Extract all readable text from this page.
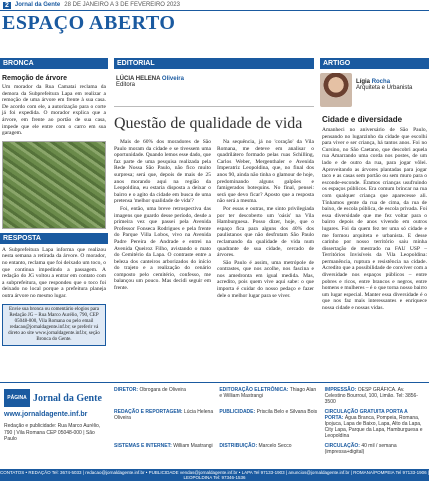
2	Jornal da Gente 28 DE JANEIRO A 3 DE FEVEREIRO 2023
ESPAÇO ABERTO
BRONCA
Remoção de árvore
Um morador da Rua Camatai reclama da demora da Subprefeitura Lapa em realizar a remoção de uma árvore em frente à sua casa. De acordo com ele, a autorização para o corte já foi expedida. O morador explica que a árvore, em frente ao portão de sua casa, impede que ele entre com o carro em sua garagem.
RESPOSTA
A Subprefeitura Lapa informa que realizou nesta semana a retirada da árvore. O morador, no entanto, reclama que foi deixado um toco, o que continua impedindo a passagem. A redação do JG voltou a entrar em contato com a subprefeitura, que respondeu que o toco foi deixado no local porque a prefeitura planeja outra árvore no mesmo lugar.
Envie sua bronca ou comentário elogios para Redação JG – Rua Marco Aurélio, 790, CEP 05048-000, Vila Romana ou pelo email redacao@jornaldagente.inf.br; se preferir vá direto ao site www.jornaldagente.inf.br, seção Bronca do Gente.
EDITORIAL
LÚCIA HELENA Oliveira
Editora
Questão de qualidade de vida

Mais de 60% dos moradores de São Paulo moram da cidade e se tivessem uma oportunidade. Quando lemos esse dado, que faz parte de uma pesquisa realizada pela Rede Nossa São Paulo, não fico muito surpresa; será que, depois de mais de 25 anos morando aqui na região da Leopoldina, eu estaria disposta a deixar o bairro e o agito da cidade em busca de uma pretensa 'melhor qualidade de vida'?

Foi, então, uma breve retrospectiva das imagens que guardo desse período, desde a primeira vez que passei pela Avenida Professor Fonseca Rodrigues e pela frente do Parque Villa Lobos, vivo na Avenida Padre Pereira de Andrade e entrei na Avenida Queiroz Filho, avistando o mato do Cemitério da Lapa. O contraste entre a beleza dos canteiros arborizados do início do trajeto e a realização do cenário composto pelo cemitério, confesso, me balançou um pouco. Mas decidi seguir em frente.

Na sequência, já no 'coração' da Vila Romana, me deteve em analisar o quadrilátero formado pelas ruas Schilling, Carlos Weber, Mergenthaler e Avenida Imperatriz Leopoldina, que, no final dos anos 90, ainda não tinha o glamour de hoje, predominando alguns galpões e famigerados botequins. No final, pensei: será que devo ficar? Aposto que a resposta não será a mesma.

Por essas e outras, me sinto privilegiada por ter descoberto um 'oásis' na Vila Hamburguesa. Posso dizer, hoje, que o espaço fica para alguns dos 40% dos paulistanos que não desfrutam São Paulo reclamando da qualidade de vida num quadrante de sua cidade, cercado de árvores.

São Paulo é assim, uma metrópole de contrastes, que nos acolhe, nos fascina e nos amedronta em igual medida. Mas, acredito, pois quem vive aqui sabe: o que importa é cuidar do nosso pedaço e fazer dele o melhor lugar para se viver.

ARTIGO
Lígia Rocha
Arquiteta e Urbanista
Cidade e diversidade
Amanheci no aniversário de São Paulo, pensando no lugarzinho da cidade que escolhi para viver e ser criança, há tantos anos. Foi no Cursino, no São Caetano, que descobri aquela rua Amarrando uma corda nos postes, de um lado e de outro da rua, para jogar vôlei. Aproveitando as árvores plantadas para jogar taco e as casas sem portão ou sem muro para o esconde-esconde. Éramos crianças usufruindo os espaços públicos. Era comum brincar na rua com qualquer criança que aparecesse ali. Tínhamos gente da rua de cima, da rua de baixo, de escola pública, de escola privada. Foi essa diversidade que me fez voltar para o bairro depois de anos vivendo em outros lugares. Foi da quem fez ter uma só cidade e me formou arquiteta e urbanista. E desse carinho por nosso território saiu minha dissertação de mestrado na FAU USP – Territórios Invisíveis da Vila Leopoldina: permanência, ruptura e resistência na cidade. Acredito que a possibilidade de conviver com a diversidade nos espaços públicos – entre pobres e ricos, entre brancos e negros, entre homens e mulheres – é o que torna nosso bairro um lugar especial. Manter essa diversidade é o que nos faz mais interessantes e enriquece nossa cidade e nossas vidas.
PÁGINA Jornal da Gente
www.jornaldagente.inf.br
Redação e publicidade: Rua Marco Aurélio, 790 | Vila Romana CEP 05048-000 | São Paulo
DIRETOR: Obrogara de Oliveira	EDITORAÇÃO ELETRÔNICA: Thiago Alan e William Mastrangi
IMPRESSÃO: OESP GRÁFICA. Av. Celestino Bourroul, 100, Limão. Tel: 3856-3500
REDAÇÃO E REPORTAGEM: Lúcia Helena Oliveira
PUBLICIDADE: Priscila Belo e Silvana Bois	CIRCULAÇÃO GRATUITA PORTA A PORTA: Água Branca, Pompeia, Romana, Ipojuca, Lapa de Baixo, Lapa, Alto da Lapa, City Lapa, Parque da Lapa, Hamburguesa e Leopoldina
SISTEMAS E INTERNET: William Mastrangi DISTRIBUIÇÃO: Marcelo Secco	CIRCULAÇÃO: 40 mil / semana (impressa+digital)
CONTATOS • REDAÇÃO Tel: 3674-5033 | redacao@jornaldagente.inf.br • PUBLICIDADE vendas@jornaldagente.inf.br • LAPA Tel 97133-1903 | anuncios@jornaldagente.inf.br | ROMANA/POMPEIA Tel 97133-1906 | LEOPOLDINA Tel: 97346-1536
